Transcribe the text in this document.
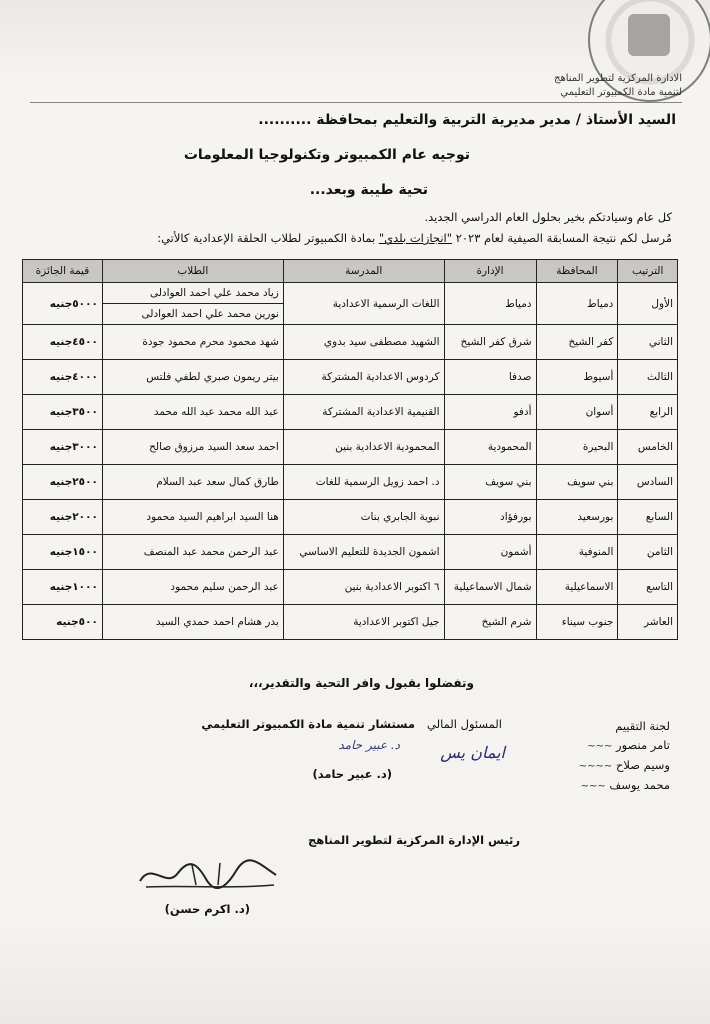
الادارة المركزية لتطوير المناهج
لتنمية مادة الكمبيوتر التعليمي
السيد الأستاذ / مدير مديرية التربية والتعليم بمحافظة ..........
توجيه عام الكمبيوتر وتكنولوجيا المعلومات
تحية طيبة وبعد...
كل عام وسيادتكم بخير بحلول العام الدراسي الجديد.
مُرسل لكم نتيجة المسابقة الصيفية لعام ٢٠٢٣ "انجازات بلدي" بمادة الكمبيوتر لطلاب الحلقة الإعدادية كالأتي:
الترتيب	المحافظة	الإدارة	المدرسة	الطلاب	قيمة الجائزة
الأول	دمياط	دمياط	اللغات الرسمية الاعدادية	زياد محمد علي احمد العوادلى
نورين محمد علي احمد العوادلى	٥٠٠٠جنيه
الثاني	كفر الشيخ	شرق كفر الشيخ	الشهيد مصطفى سيد بدوي	شهد محمود محرم محمود جودة	٤٥٠٠جنيه
الثالث	أسيوط	صدفا	كردوس الاعدادية المشتركة	بيتر ريمون صبري لطفي فلتس	٤٠٠٠جنيه
الرابع	أسوان	أدفو	القنيمية الاعدادية المشتركة	عبد الله محمد عبد الله محمد	٣٥٠٠جنيه
الخامس	البحيرة	المحمودية	المحمودية الاعدادية بنين	احمد سعد السيد مرزوق صالح	٣٠٠٠جنيه
السادس	بني سويف	بني سويف	د. احمد زويل الرسمية للغات	طارق كمال سعد عبد السلام	٢٥٠٠جنيه
السابع	بورسعيد	بورفؤاد	نبوية الجابري بنات	هنا السيد ابراهيم السيد محمود	٢٠٠٠جنيه
الثامن	المنوفية	أشمون	اشمون الجديدة للتعليم الاساسي	عبد الرحمن محمد عبد المنصف	١٥٠٠جنيه
التاسع	الاسماعيلية	شمال الاسماعيلية	٦ اكتوبر الاعدادية بنين	عبد الرحمن سليم محمود	١٠٠٠جنيه
العاشر	جنوب سيناء	شرم الشيخ	جيل اكتوبر الاعدادية	بدر هشام احمد حمدي السيد	٥٠٠جنيه
وتفضلوا بقبول وافر التحية والتقدير،،،
لجنة التقييم
تامر منصور ~~~
وسيم صلاح ~~~~
محمد يوسف ~~~
المسئول المالي   مستشار تنمية مادة الكمبيوتر التعليمي
د. عبير حامد
(د. عبير حامد)
ايمان يس
رئيس الإدارة المركزية لتطوير المناهج
(د. اكرم حسن)
